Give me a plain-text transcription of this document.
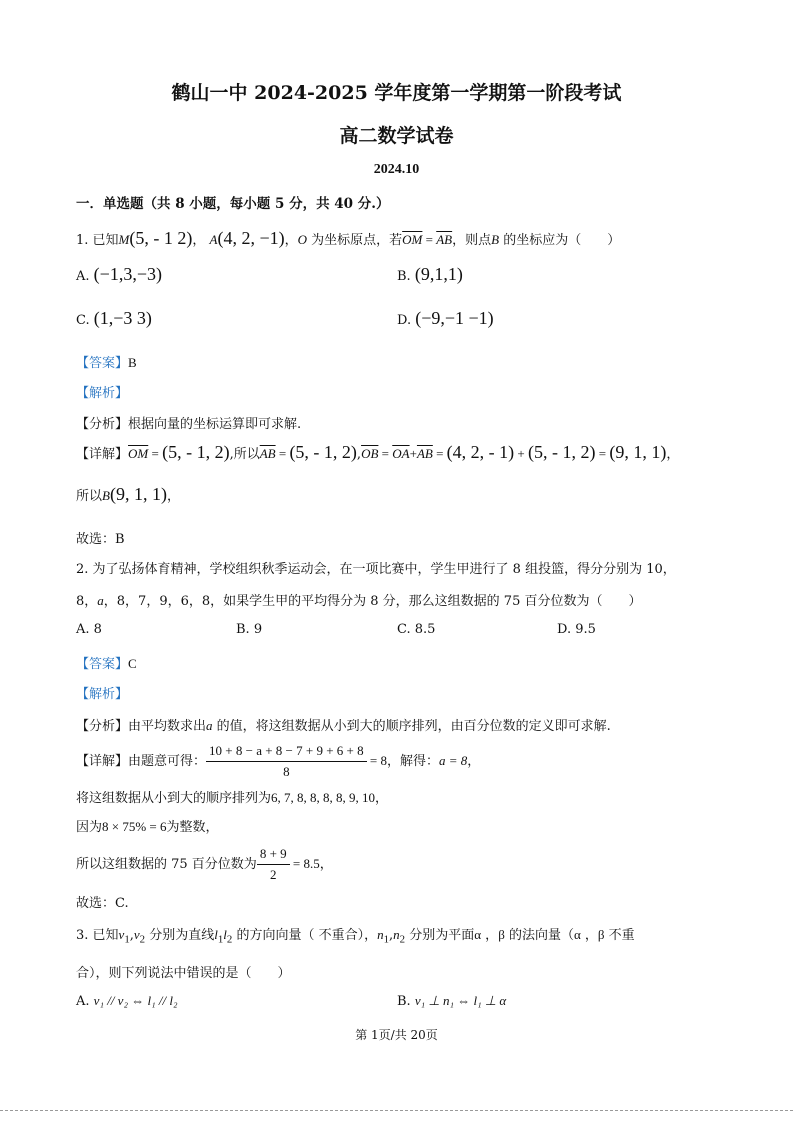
鹤山一中 2024-2025 学年度第一学期第一阶段考试
高二数学试卷
2024.10
一．单选题（共 8 小题，每小题 5 分，共 40 分.）
1. 已知M(5, - 1 2)， A(4, 2, −1)，O 为坐标原点，若$\overline{OM} = \overline{AB}$，则点B 的坐标应为（　　）
A. (−1,3,−3)	B. (9,1,1)
C. (1,−3 3)	D. (−9,−1 −1)
【答案】B
【解析】
【分析】根据向量的坐标运算即可求解.
【详解】$\overline{OM} = (5$, - 1, 2),所以$\overline{AB} = (5$, - 1, $2),\overline{OB} = \overline{OA}+\overline{AB} = (4$, 2, - 1) + (5, - 1, 2) = (9, 1, 1)，
所以B(9, 1, 1)，
故选：B
2. 为了弘扬体育精神，学校组织秋季运动会，在一项比赛中，学生甲进行了 8 组投篮，得分分别为 10，
8，a，8，7，9，6，8，如果学生甲的平均得分为 8 分，那么这组数据的 75 百分位数为（　　）
A. 8	B. 9	C. 8.5	D. 9.5
【答案】C
【解析】
【分析】由平均数求出a 的值，将这组数据从小到大的顺序排列，由百分位数的定义即可求解.
【详解】由题意可得： $\frac{10 + 8 - a + 8 - 7 + 9 + 6 + 8}{8} = 8$，解得：a = 8，
将这组数据从小到大的顺序排列为6, 7, 8, 8, 8, 8, 9, 10，
因为8 × 75% = 6为整数，
所以这组数据的 75 百分位数为 $\frac{8 + 9}{2} = 8.5$，
故选：C.
3. 已知$v_1,v_2$ 分别为直线$l_1l_2$ 的方向向量（ 不重合），$n_1,n_2$ 分别为平面α ，β 的法向量（α ，β 不重
合），则下列说法中错误的是（　　）
A. v₁ // v₂ ⇔ l₁ // l₂	B. v₁ ⊥ n₁ ⇔ l₁ ⊥ α
第 1页/共 20页
